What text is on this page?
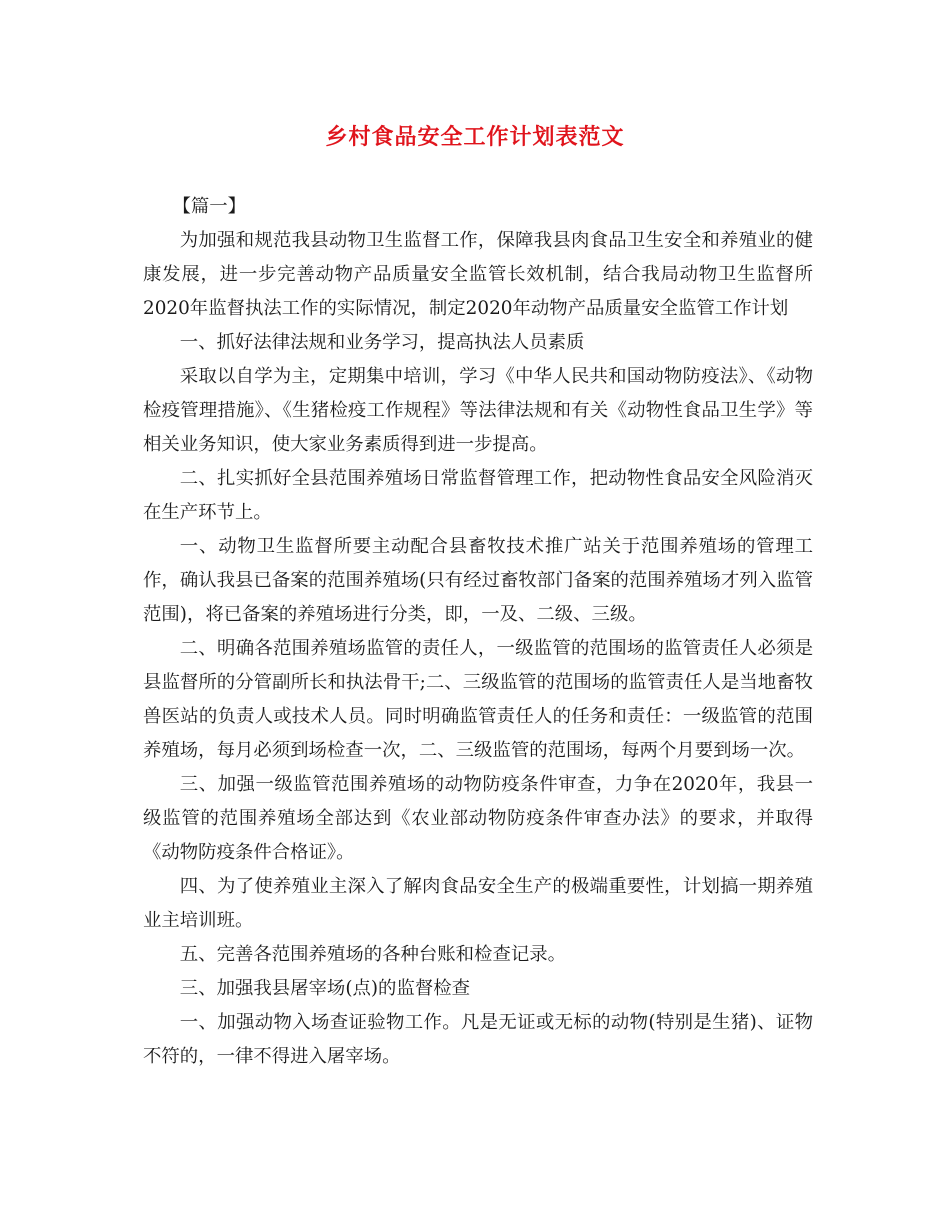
乡村食品安全工作计划表范文

【篇一】

为加强和规范我县动物卫生监督工作，保障我县肉食品卫生安全和养殖业的健康发展，进一步完善动物产品质量安全监管长效机制，结合我局动物卫生监督所2020年监督执法工作的实际情况，制定2020年动物产品质量安全监管工作计划

一、抓好法律法规和业务学习，提高执法人员素质

采取以自学为主，定期集中培训，学习《中华人民共和国动物防疫法》、《动物检疫管理措施》、《生猪检疫工作规程》等法律法规和有关《动物性食品卫生学》等相关业务知识，使大家业务素质得到进一步提高。

二、扎实抓好全县范围养殖场日常监督管理工作，把动物性食品安全风险消灭在生产环节上。

一、动物卫生监督所要主动配合县畜牧技术推广站关于范围养殖场的管理工作，确认我县已备案的范围养殖场(只有经过畜牧部门备案的范围养殖场才列入监管范围)，将已备案的养殖场进行分类，即，一及、二级、三级。

二、明确各范围养殖场监管的责任人，一级监管的范围场的监管责任人必须是县监督所的分管副所长和执法骨干;二、三级监管的范围场的监管责任人是当地畜牧兽医站的负责人或技术人员。同时明确监管责任人的任务和责任：一级监管的范围养殖场，每月必须到场检查一次，二、三级监管的范围场，每两个月要到场一次。

三、加强一级监管范围养殖场的动物防疫条件审查，力争在2020年，我县一级监管的范围养殖场全部达到《农业部动物防疫条件审查办法》的要求，并取得《动物防疫条件合格证》。

四、为了使养殖业主深入了解肉食品安全生产的极端重要性，计划搞一期养殖业主培训班。

五、完善各范围养殖场的各种台账和检查记录。

三、加强我县屠宰场(点)的监督检查

一、加强动物入场查证验物工作。凡是无证或无标的动物(特别是生猪)、证物不符的，一律不得进入屠宰场。
